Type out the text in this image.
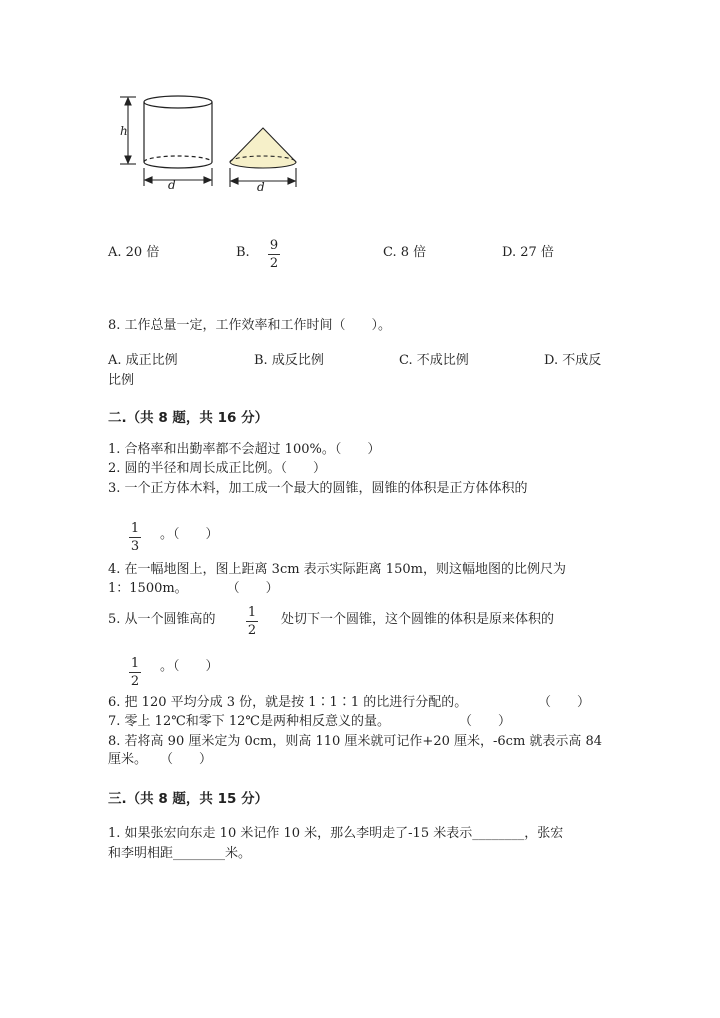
h
d	d
A. 20 倍	B. 9
2
C. 8 倍	D. 27 倍
8. 工作总量一定，工作效率和工作时间（　　）。
A. 成正比例	B. 成反比例	C. 不成比例	D. 不成反
比例
二.（共 8 题，共 16 分）
1. 合格率和出勤率都不会超过 100%。（　　）
2. 圆的半径和周长成正比例。（　　）
3. 一个正方体木料，加工成一个最大的圆锥，圆锥的体积是正方体体积的
1
3
。（　　）
4. 在一幅地图上，图上距离 3cm 表示实际距离 150m，则这幅地图的比例尺为
1：1500m。　　　　（　　）
5. 从一个圆锥高的 1
2
处切下一个圆锥，这个圆锥的体积是原来体积的
1
2
。（　　）
6. 把 120 平均分成 3 份，就是按 1∶1∶1 的比进行分配的。	（　　）
7. 零上 12℃和零下 12℃是两种相反意义的量。	（　　）
8. 若将高 90 厘米定为 0cm，则高 110 厘米就可记作+20 厘米，-6cm 就表示高 84
厘米。　　（　　）
三.（共 8 题，共 15 分）
1. 如果张宏向东走 10 米记作 10 米，那么李明走了-15 米表示________，张宏
和李明相距________米。
